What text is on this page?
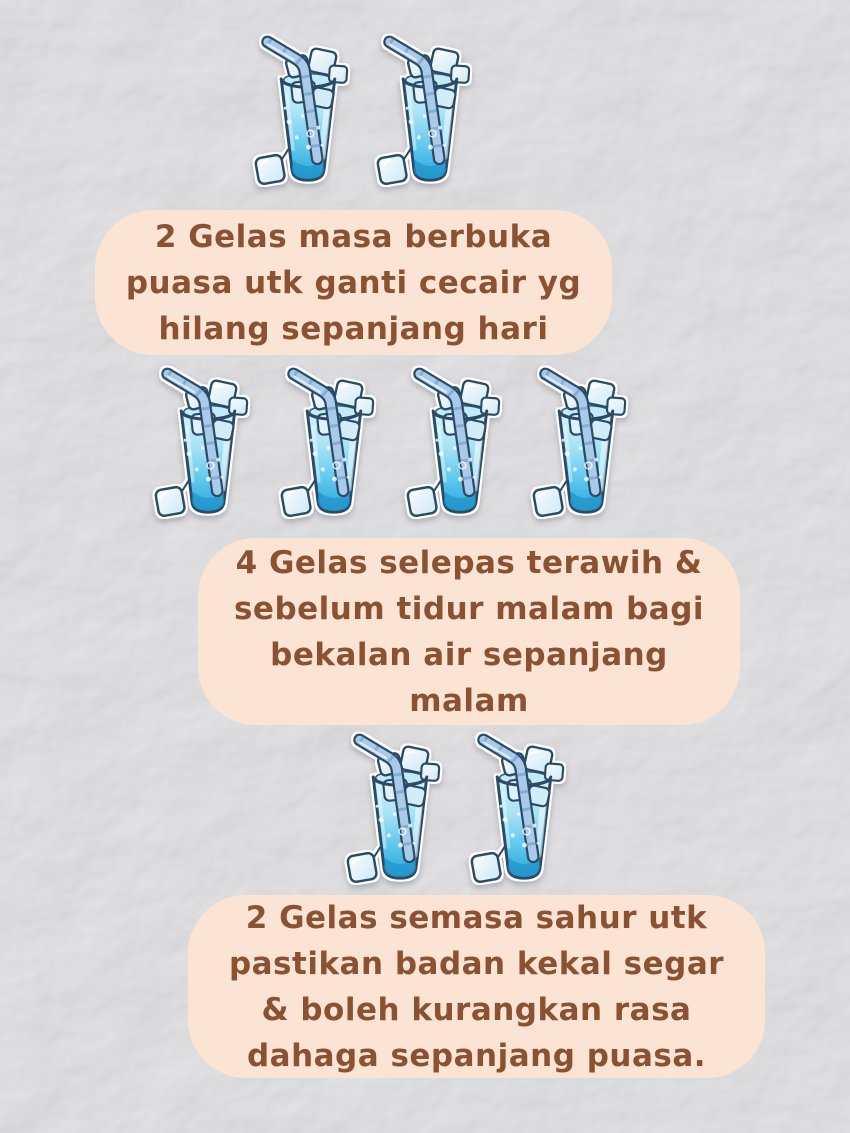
2 Gelas masa berbuka
puasa utk ganti cecair yg
hilang sepanjang hari
4 Gelas selepas terawih &
sebelum tidur malam bagi
bekalan air sepanjang
malam
2 Gelas semasa sahur utk
pastikan badan kekal segar
& boleh kurangkan rasa
dahaga sepanjang puasa.
